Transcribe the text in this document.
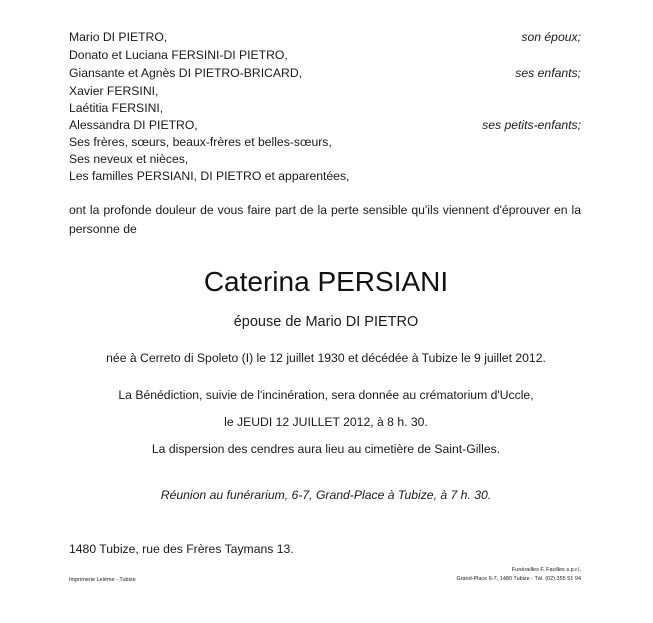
Mario DI PIETRO,	son époux;
Donato et Luciana FERSINI-DI PIETRO,
Giansante et Agnès DI PIETRO-BRICARD,	ses enfants;
Xavier FERSINI,
Laétitia FERSINI,
Alessandra DI PIETRO,	ses petits-enfants;
Ses frères, sœurs, beaux-frères et belles-sœurs,
Ses neveux et nièces,
Les familles PERSIANI, DI PIETRO et apparentées,
ont la profonde douleur de vous faire part de la perte sensible qu'ils viennent d'éprouver en la personne de
Caterina PERSIANI
épouse de Mario DI PIETRO
née à Cerreto di Spoleto (I) le 12 juillet 1930 et décédée à Tubize le 9 juillet 2012.
La Bénédiction, suivie de l'incinération, sera donnée au crématorium d'Uccle,
le JEUDI 12 JUILLET 2012, à 8 h. 30.
La dispersion des cendres aura lieu au cimetière de Saint-Gilles.
Réunion au funérarium, 6-7, Grand-Place à Tubize, à 7 h. 30.
1480 Tubize, rue des Frères Taymans 13.
Imprimerie Leléme - Tubize
Funérailles F. Facilles s.p.r.l.
Grand-Place 6-7, 1480 Tubize - Tél. (02) 355 51 94
